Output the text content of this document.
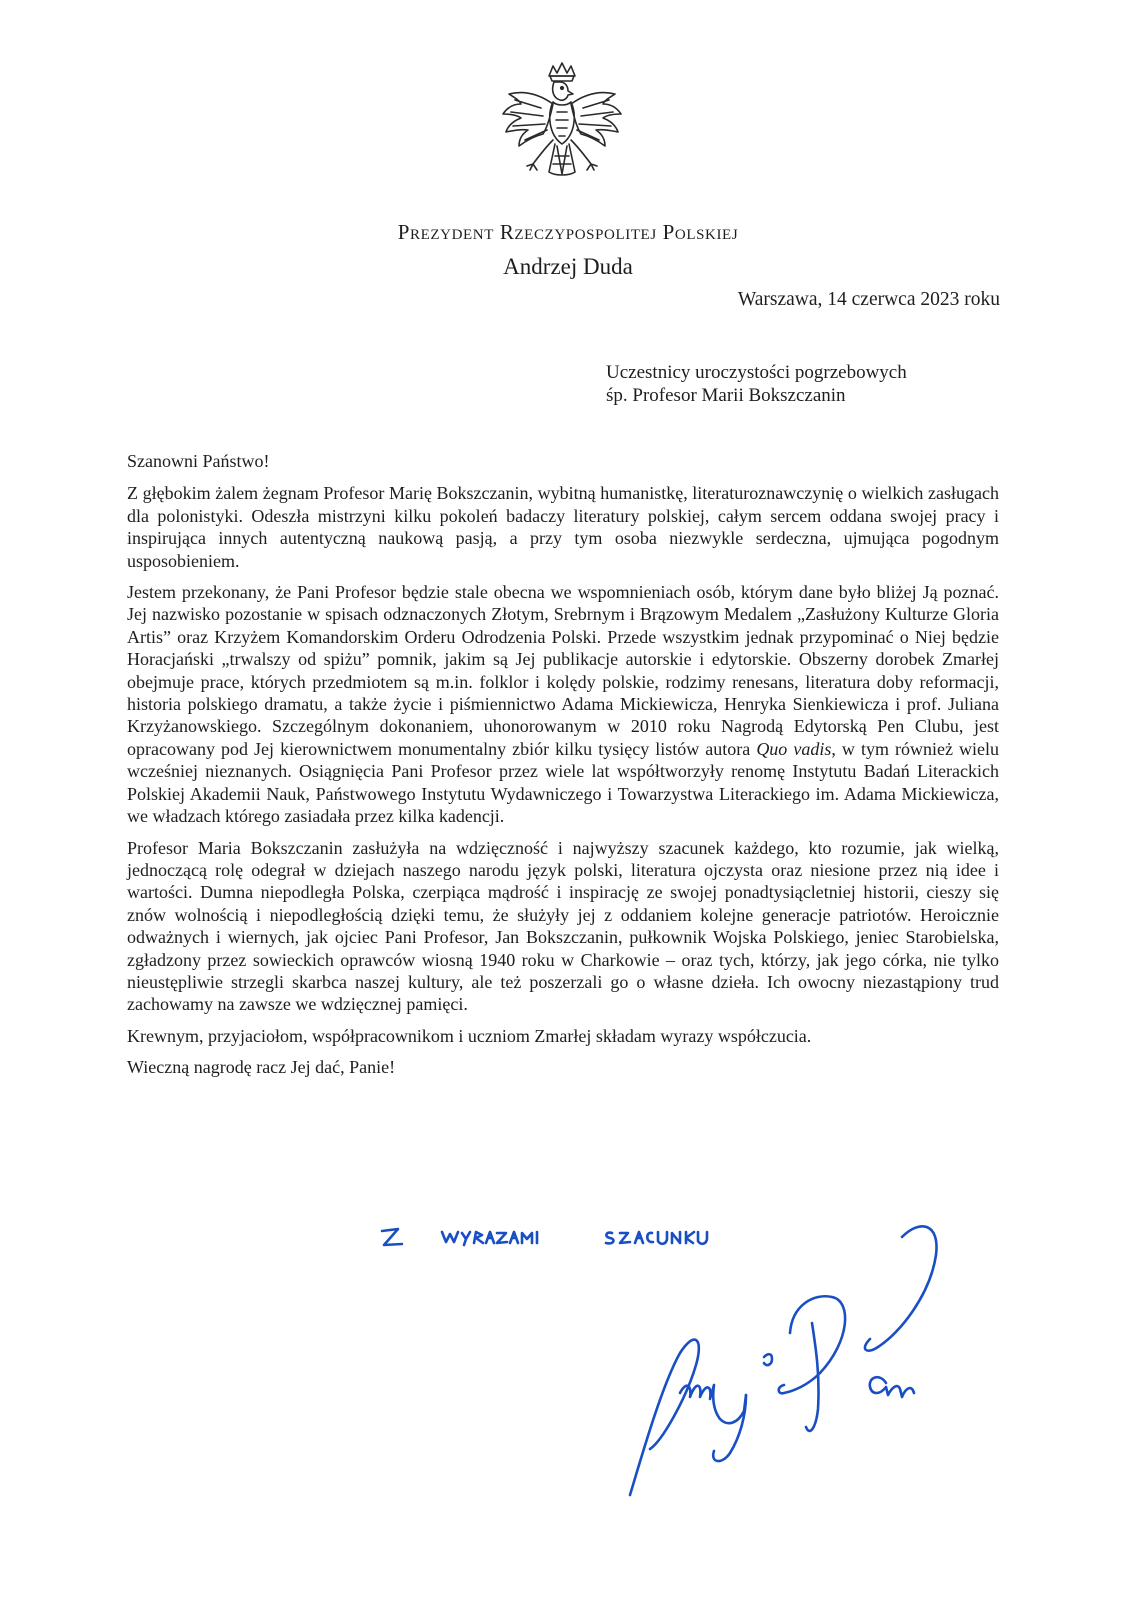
Prezydent Rzeczypospolitej Polskiej
Andrzej Duda
Warszawa, 14 czerwca 2023 roku
Uczestnicy uroczystości pogrzebowych
śp. Profesor Marii Bokszczanin

Szanowni Państwo!

Z głębokim żalem żegnam Profesor Marię Bokszczanin, wybitną humanistkę, literaturoznawczynię o wielkich zasługach dla polonistyki. Odeszła mistrzyni kilku pokoleń badaczy literatury polskiej, całym sercem oddana swojej pracy i inspirująca innych autentyczną naukową pasją, a przy tym osoba niezwykle serdeczna, ujmująca pogodnym usposobieniem.

Jestem przekonany, że Pani Profesor będzie stale obecna we wspomnieniach osób, którym dane było bliżej Ją poznać. Jej nazwisko pozostanie w spisach odznaczonych Złotym, Srebrnym i Brązowym Medalem „Zasłużony Kulturze Gloria Artis” oraz Krzyżem Komandorskim Orderu Odrodzenia Polski. Przede wszystkim jednak przypominać o Niej będzie Horacjański „trwalszy od spiżu” pomnik, jakim są Jej publikacje autorskie i edytorskie. Obszerny dorobek Zmarłej obejmuje prace, których przedmiotem są m.in. folklor i kolędy polskie, rodzimy renesans, literatura doby reformacji, historia polskiego dramatu, a także życie i piśmiennictwo Adama Mickiewicza, Henryka Sienkiewicza i prof. Juliana Krzyżanowskiego. Szczególnym dokonaniem, uhonorowanym w 2010 roku Nagrodą Edytorską Pen Clubu, jest opracowany pod Jej kierownictwem monumentalny zbiór kilku tysięcy listów autora Quo vadis, w tym również wielu wcześniej nieznanych. Osiągnięcia Pani Profesor przez wiele lat współtworzyły renomę Instytutu Badań Literackich Polskiej Akademii Nauk, Państwowego Instytutu Wydawniczego i Towarzystwa Literackiego im. Adama Mickiewicza, we władzach którego zasiadała przez kilka kadencji.

Profesor Maria Bokszczanin zasłużyła na wdzięczność i najwyższy szacunek każdego, kto rozumie, jak wielką, jednoczącą rolę odegrał w dziejach naszego narodu język polski, literatura ojczysta oraz niesione przez nią idee i wartości. Dumna niepodległa Polska, czerpiąca mądrość i inspirację ze swojej ponadtysiącletniej historii, cieszy się znów wolnością i niepodległością dzięki temu, że służyły jej z oddaniem kolejne generacje patriotów. Heroicznie odważnych i wiernych, jak ojciec Pani Profesor, Jan Bokszczanin, pułkownik Wojska Polskiego, jeniec Starobielska, zgładzony przez sowieckich oprawców wiosną 1940 roku w Charkowie – oraz tych, którzy, jak jego córka, nie tylko nieustępliwie strzegli skarbca naszej kultury, ale też poszerzali go o własne dzieła. Ich owocny niezastąpiony trud zachowamy na zawsze we wdzięcznej pamięci.

Krewnym, przyjaciołom, współpracownikom i uczniom Zmarłej składam wyrazy współczucia.

Wieczną nagrodę racz Jej dać, Panie!
